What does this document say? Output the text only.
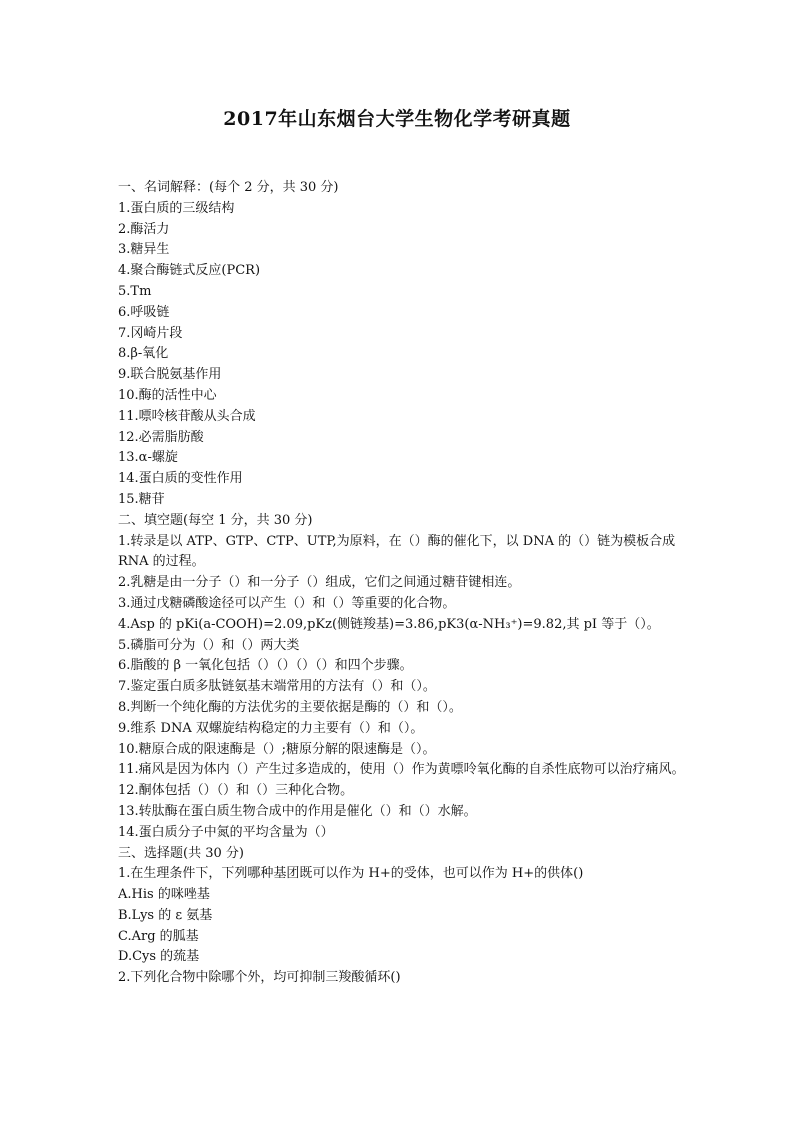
2017年山东烟台大学生物化学考研真题
一、名词解释：(每个 2 分，共 30 分)
1.蛋白质的三级结构
2.酶活力
3.糖异生
4.聚合酶链式反应(PCR)
5.Tm
6.呼吸链
7.冈崎片段
8.β-氧化
9.联合脱氨基作用
10.酶的活性中心
11.嘌呤核苷酸从头合成
12.必需脂肪酸
13.α-螺旋
14.蛋白质的变性作用
15.糖苷
二、填空题(每空 1 分，共 30 分)
1.转录是以 ATP、GTP、CTP、UTP,为原料，在（）酶的催化下，以 DNA 的（）链为模板合成 RNA 的过程。
2.乳糖是由一分子（）和一分子（）组成，它们之间通过糖苷键相连。
3.通过戊糖磷酸途径可以产生（）和（）等重要的化合物。
4.Asp 的 pKi(a-COOH)=2.09,pKz(侧链羧基)=3.86,pK3(α-NH₃⁺)=9.82,其 pI 等于（）。
5.磷脂可分为（）和（）两大类
6.脂酸的 β 一氧化包括（）（）（）（）和四个步骤。
7.鉴定蛋白质多肽链氨基末端常用的方法有（）和（）。
8.判断一个纯化酶的方法优劣的主要依据是酶的（）和（）。
9.维系 DNA 双螺旋结构稳定的力主要有（）和（）。
10.糖原合成的限速酶是（）;糖原分解的限速酶是（）。
11.痛风是因为体内（）产生过多造成的，使用（）作为黄嘌呤氧化酶的自杀性底物可以治疗痛风。
12.酮体包括（）（）和（）三种化合物。
13.转肽酶在蛋白质生物合成中的作用是催化（）和（）水解。
14.蛋白质分子中氮的平均含量为（）
三、选择题(共 30 分)
1.在生理条件下，下列哪种基团既可以作为 H+的受体，也可以作为 H+的供体()
A.His 的咪唑基
B.Lys 的 ε 氨基
C.Arg 的胍基
D.Cys 的巯基
2.下列化合物中除哪个外，均可抑制三羧酸循环()
